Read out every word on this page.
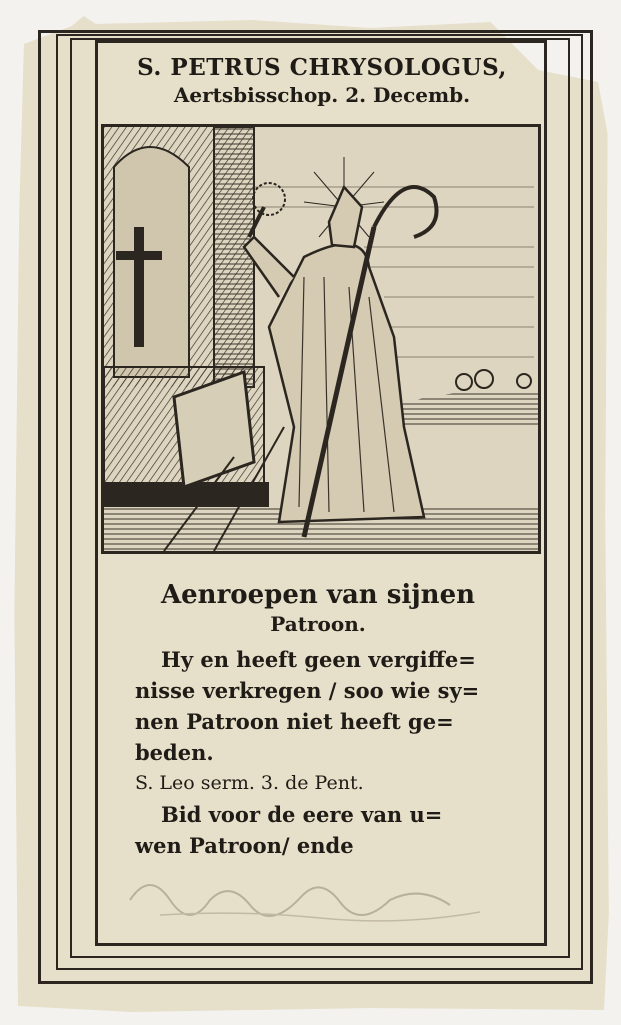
S. PETRUS CHRYSOLOGUS,
Aertsbisschop. 2. Decemb.
Aenroepen van sijnen
Patroon.
Hy en heeft geen vergiffe=
nisse verkregen / soo wie sy=
nen Patroon niet heeft ge=
beden.
S. Leo serm. 3. de Pent.
Bid voor de eere van u=
wen Patroon/ ende
